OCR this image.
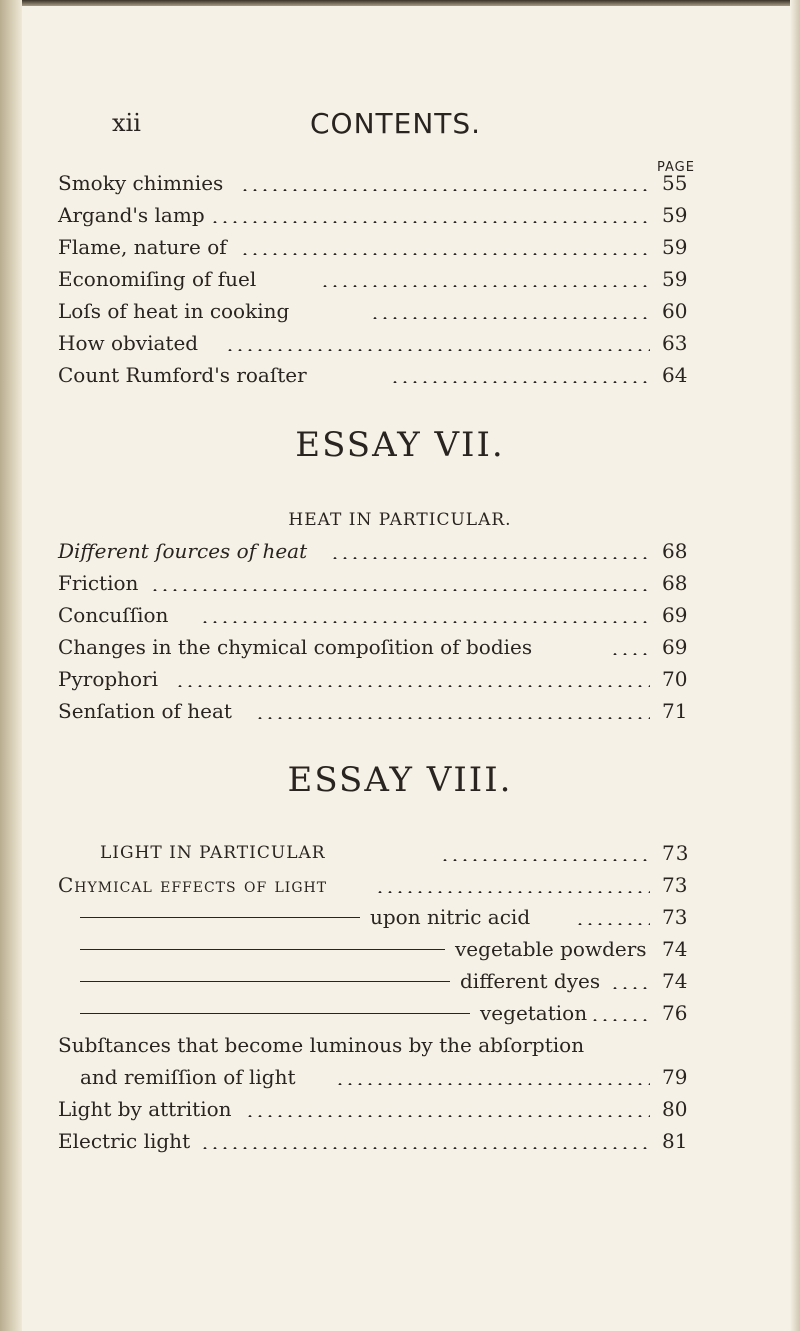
xii	CONTENTS.
PAGE
Smoky chimnies	55
Argand's lamp	59
Flame, nature of	59
Economiſing of fuel	59
Loſs of heat in cooking	60
How obviated	63
Count Rumford's roaſter	64
ESSAY VII.
HEAT IN PARTICULAR.
Different ſources of heat	68
Friction	68
Concuſſion	69
Changes in the chymical compoſition of bodies	69
Pyrophori	70
Senſation of heat	71
ESSAY VIII.
LIGHT IN PARTICULAR	73
Chymical effects of light	73
upon nitric acid	73
vegetable powders 74
different dyes	74
vegetation	76
Subſtances that become luminous by the abſorption
and remiſſion of light	79
Light by attrition	80
Electric light	81
